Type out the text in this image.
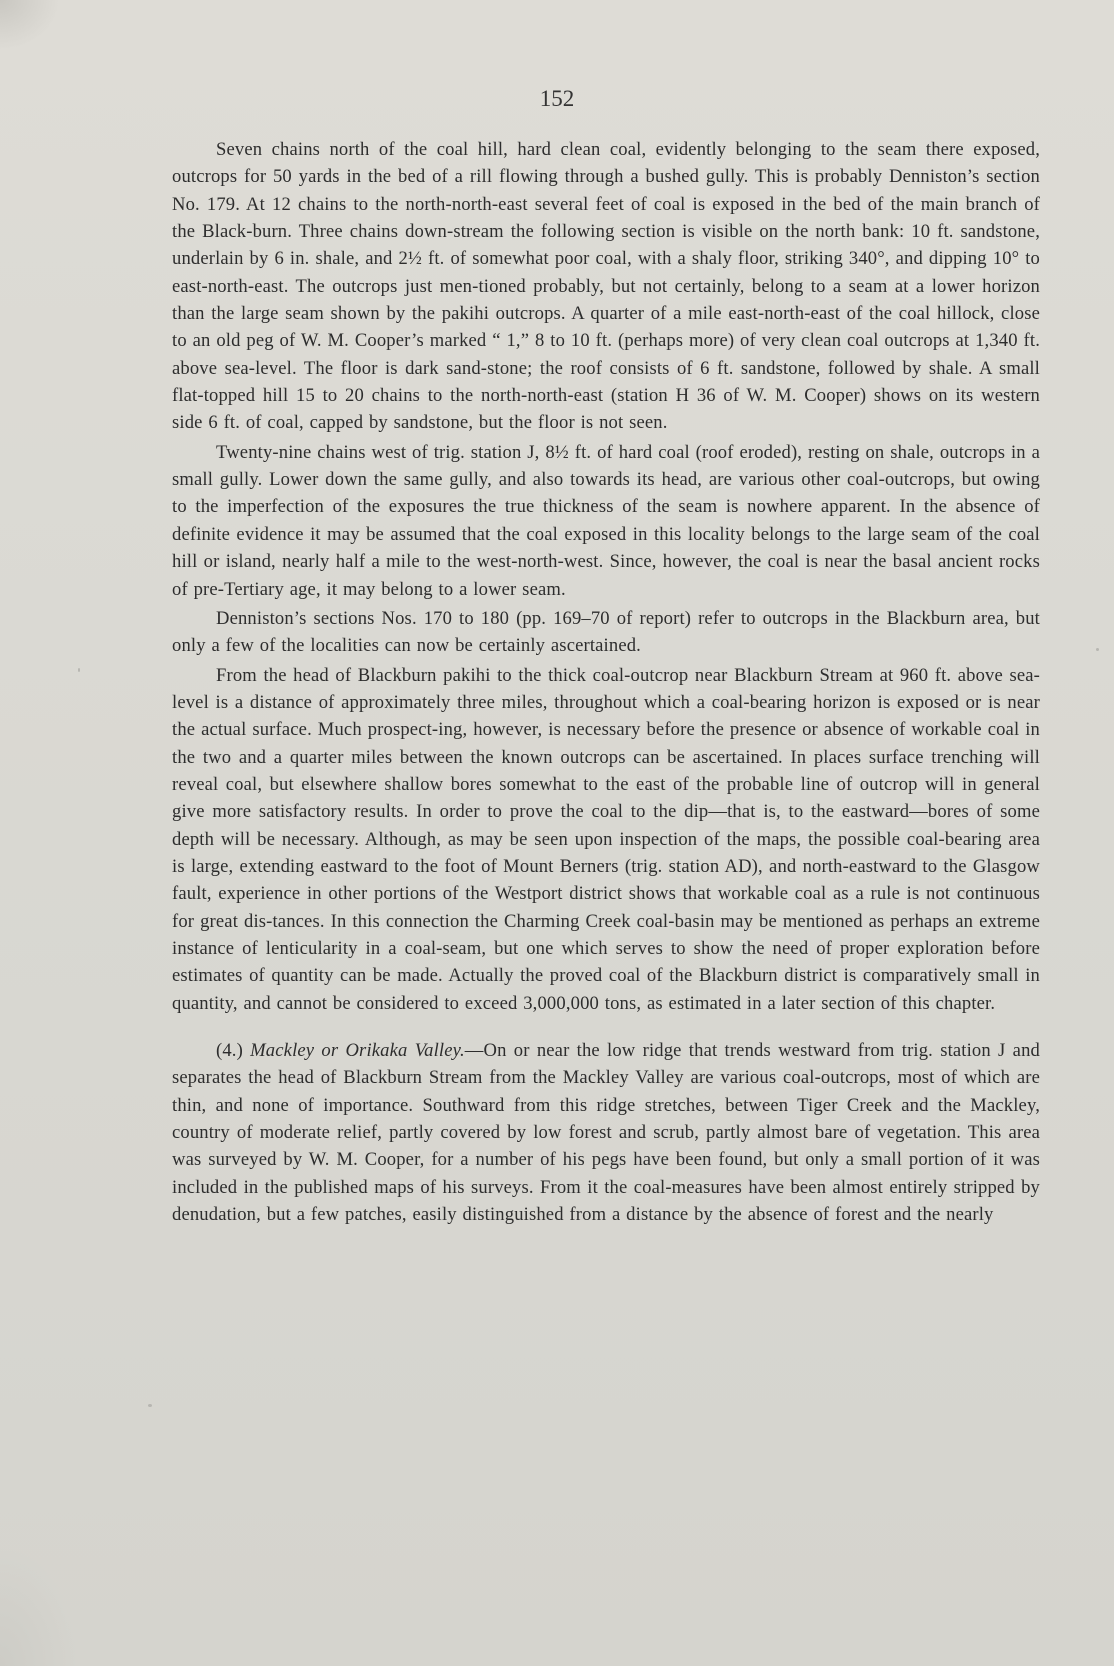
152

Seven chains north of the coal hill, hard clean coal, evidently belonging to the seam there exposed, outcrops for 50 yards in the bed of a rill flowing through a bushed gully. This is probably Denniston’s section No. 179. At 12 chains to the north-north-east several feet of coal is exposed in the bed of the main branch of the Black-burn. Three chains down-stream the following section is visible on the north bank: 10 ft. sandstone, underlain by 6 in. shale, and 2½ ft. of somewhat poor coal, with a shaly floor, striking 340°, and dipping 10° to east-north-east. The outcrops just men-tioned probably, but not certainly, belong to a seam at a lower horizon than the large seam shown by the pakihi outcrops. A quarter of a mile east-north-east of the coal hillock, close to an old peg of W. M. Cooper’s marked “ 1,” 8 to 10 ft. (perhaps more) of very clean coal outcrops at 1,340 ft. above sea-level. The floor is dark sand-stone; the roof consists of 6 ft. sandstone, followed by shale. A small flat-topped hill 15 to 20 chains to the north-north-east (station H 36 of W. M. Cooper) shows on its western side 6 ft. of coal, capped by sandstone, but the floor is not seen.

Twenty-nine chains west of trig. station J, 8½ ft. of hard coal (roof eroded), resting on shale, outcrops in a small gully. Lower down the same gully, and also towards its head, are various other coal-outcrops, but owing to the imperfection of the exposures the true thickness of the seam is nowhere apparent. In the absence of definite evidence it may be assumed that the coal exposed in this locality belongs to the large seam of the coal hill or island, nearly half a mile to the west-north-west. Since, however, the coal is near the basal ancient rocks of pre-Tertiary age, it may belong to a lower seam.

Denniston’s sections Nos. 170 to 180 (pp. 169–70 of report) refer to outcrops in the Blackburn area, but only a few of the localities can now be certainly ascertained.

From the head of Blackburn pakihi to the thick coal-outcrop near Blackburn Stream at 960 ft. above sea-level is a distance of approximately three miles, throughout which a coal-bearing horizon is exposed or is near the actual surface. Much prospect-ing, however, is necessary before the presence or absence of workable coal in the two and a quarter miles between the known outcrops can be ascertained. In places surface trenching will reveal coal, but elsewhere shallow bores somewhat to the east of the probable line of outcrop will in general give more satisfactory results. In order to prove the coal to the dip—that is, to the eastward—bores of some depth will be necessary. Although, as may be seen upon inspection of the maps, the possible coal-bearing area is large, extending eastward to the foot of Mount Berners (trig. station AD), and north-eastward to the Glasgow fault, experience in other portions of the Westport district shows that workable coal as a rule is not continuous for great dis-tances. In this connection the Charming Creek coal-basin may be mentioned as perhaps an extreme instance of lenticularity in a coal-seam, but one which serves to show the need of proper exploration before estimates of quantity can be made. Actually the proved coal of the Blackburn district is comparatively small in quantity, and cannot be considered to exceed 3,000,000 tons, as estimated in a later section of this chapter.

(4.) Mackley or Orikaka Valley.—On or near the low ridge that trends westward from trig. station J and separates the head of Blackburn Stream from the Mackley Valley are various coal-outcrops, most of which are thin, and none of importance. Southward from this ridge stretches, between Tiger Creek and the Mackley, country of moderate relief, partly covered by low forest and scrub, partly almost bare of vegetation. This area was surveyed by W. M. Cooper, for a number of his pegs have been found, but only a small portion of it was included in the published maps of his surveys. From it the coal-measures have been almost entirely stripped by denudation, but a few patches, easily distinguished from a distance by the absence of forest and the nearly
